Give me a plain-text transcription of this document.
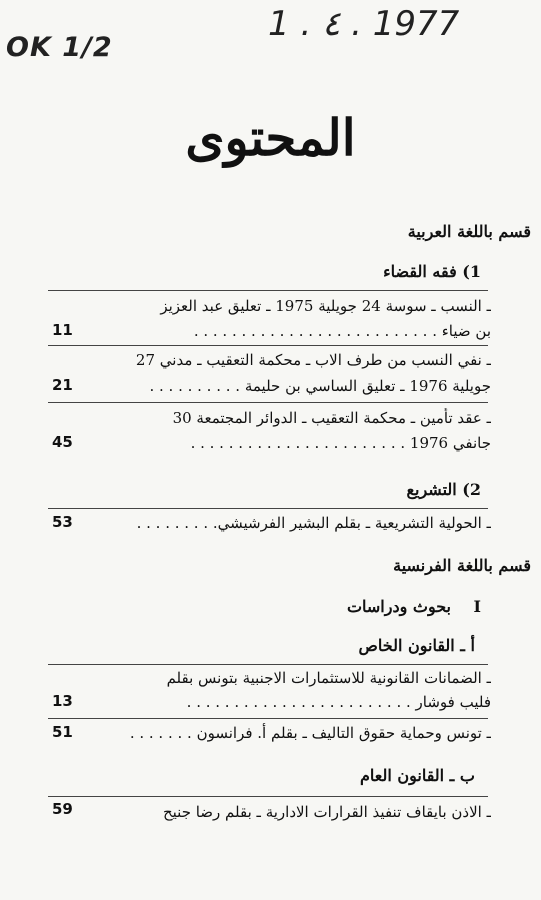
OK 1/2
1 . ٤ . 1977
المحتوى
قسم باللغة العربية
1) فقه القضاء
ـ النسب ـ سوسة 24 جويلية 1975 ـ تعليق عبد العزيز
بن ضياء . . . . . . . . . . . . . . . . . . . . . . . . . .
11
ـ نفي النسب من طرف الاب ـ محكمة التعقيب ـ مدني 27
جويلية 1976 ـ تعليق الساسي بن حليمة . . . . . . . . . .
21
ـ عقد تأمين ـ محكمة التعقيب ـ الدوائر المجتمعة 30
جانفي 1976 . . . . . . . . . . . . . . . . . . . . . . .
45
2) التشريع
ـ الحولية التشريعية ـ بقلم البشير الفرشيشي. . . . . . . . .
53
قسم باللغة الفرنسية
I
بحوث ودراسات
أ ـ القانون الخاص
ـ الضمانات القانونية للاستثمارات الاجنبية بتونس بقلم
فليب فوشار . . . . . . . . . . . . . . . . . . . . . . . .
13
ـ تونس وحماية حقوق التاليف ـ بقلم أ. فرانسون . . . . . . .
51
ب ـ القانون العام
ـ الاذن بايقاف تنفيذ القرارات الادارية ـ بقلم رضا جنيح
59
